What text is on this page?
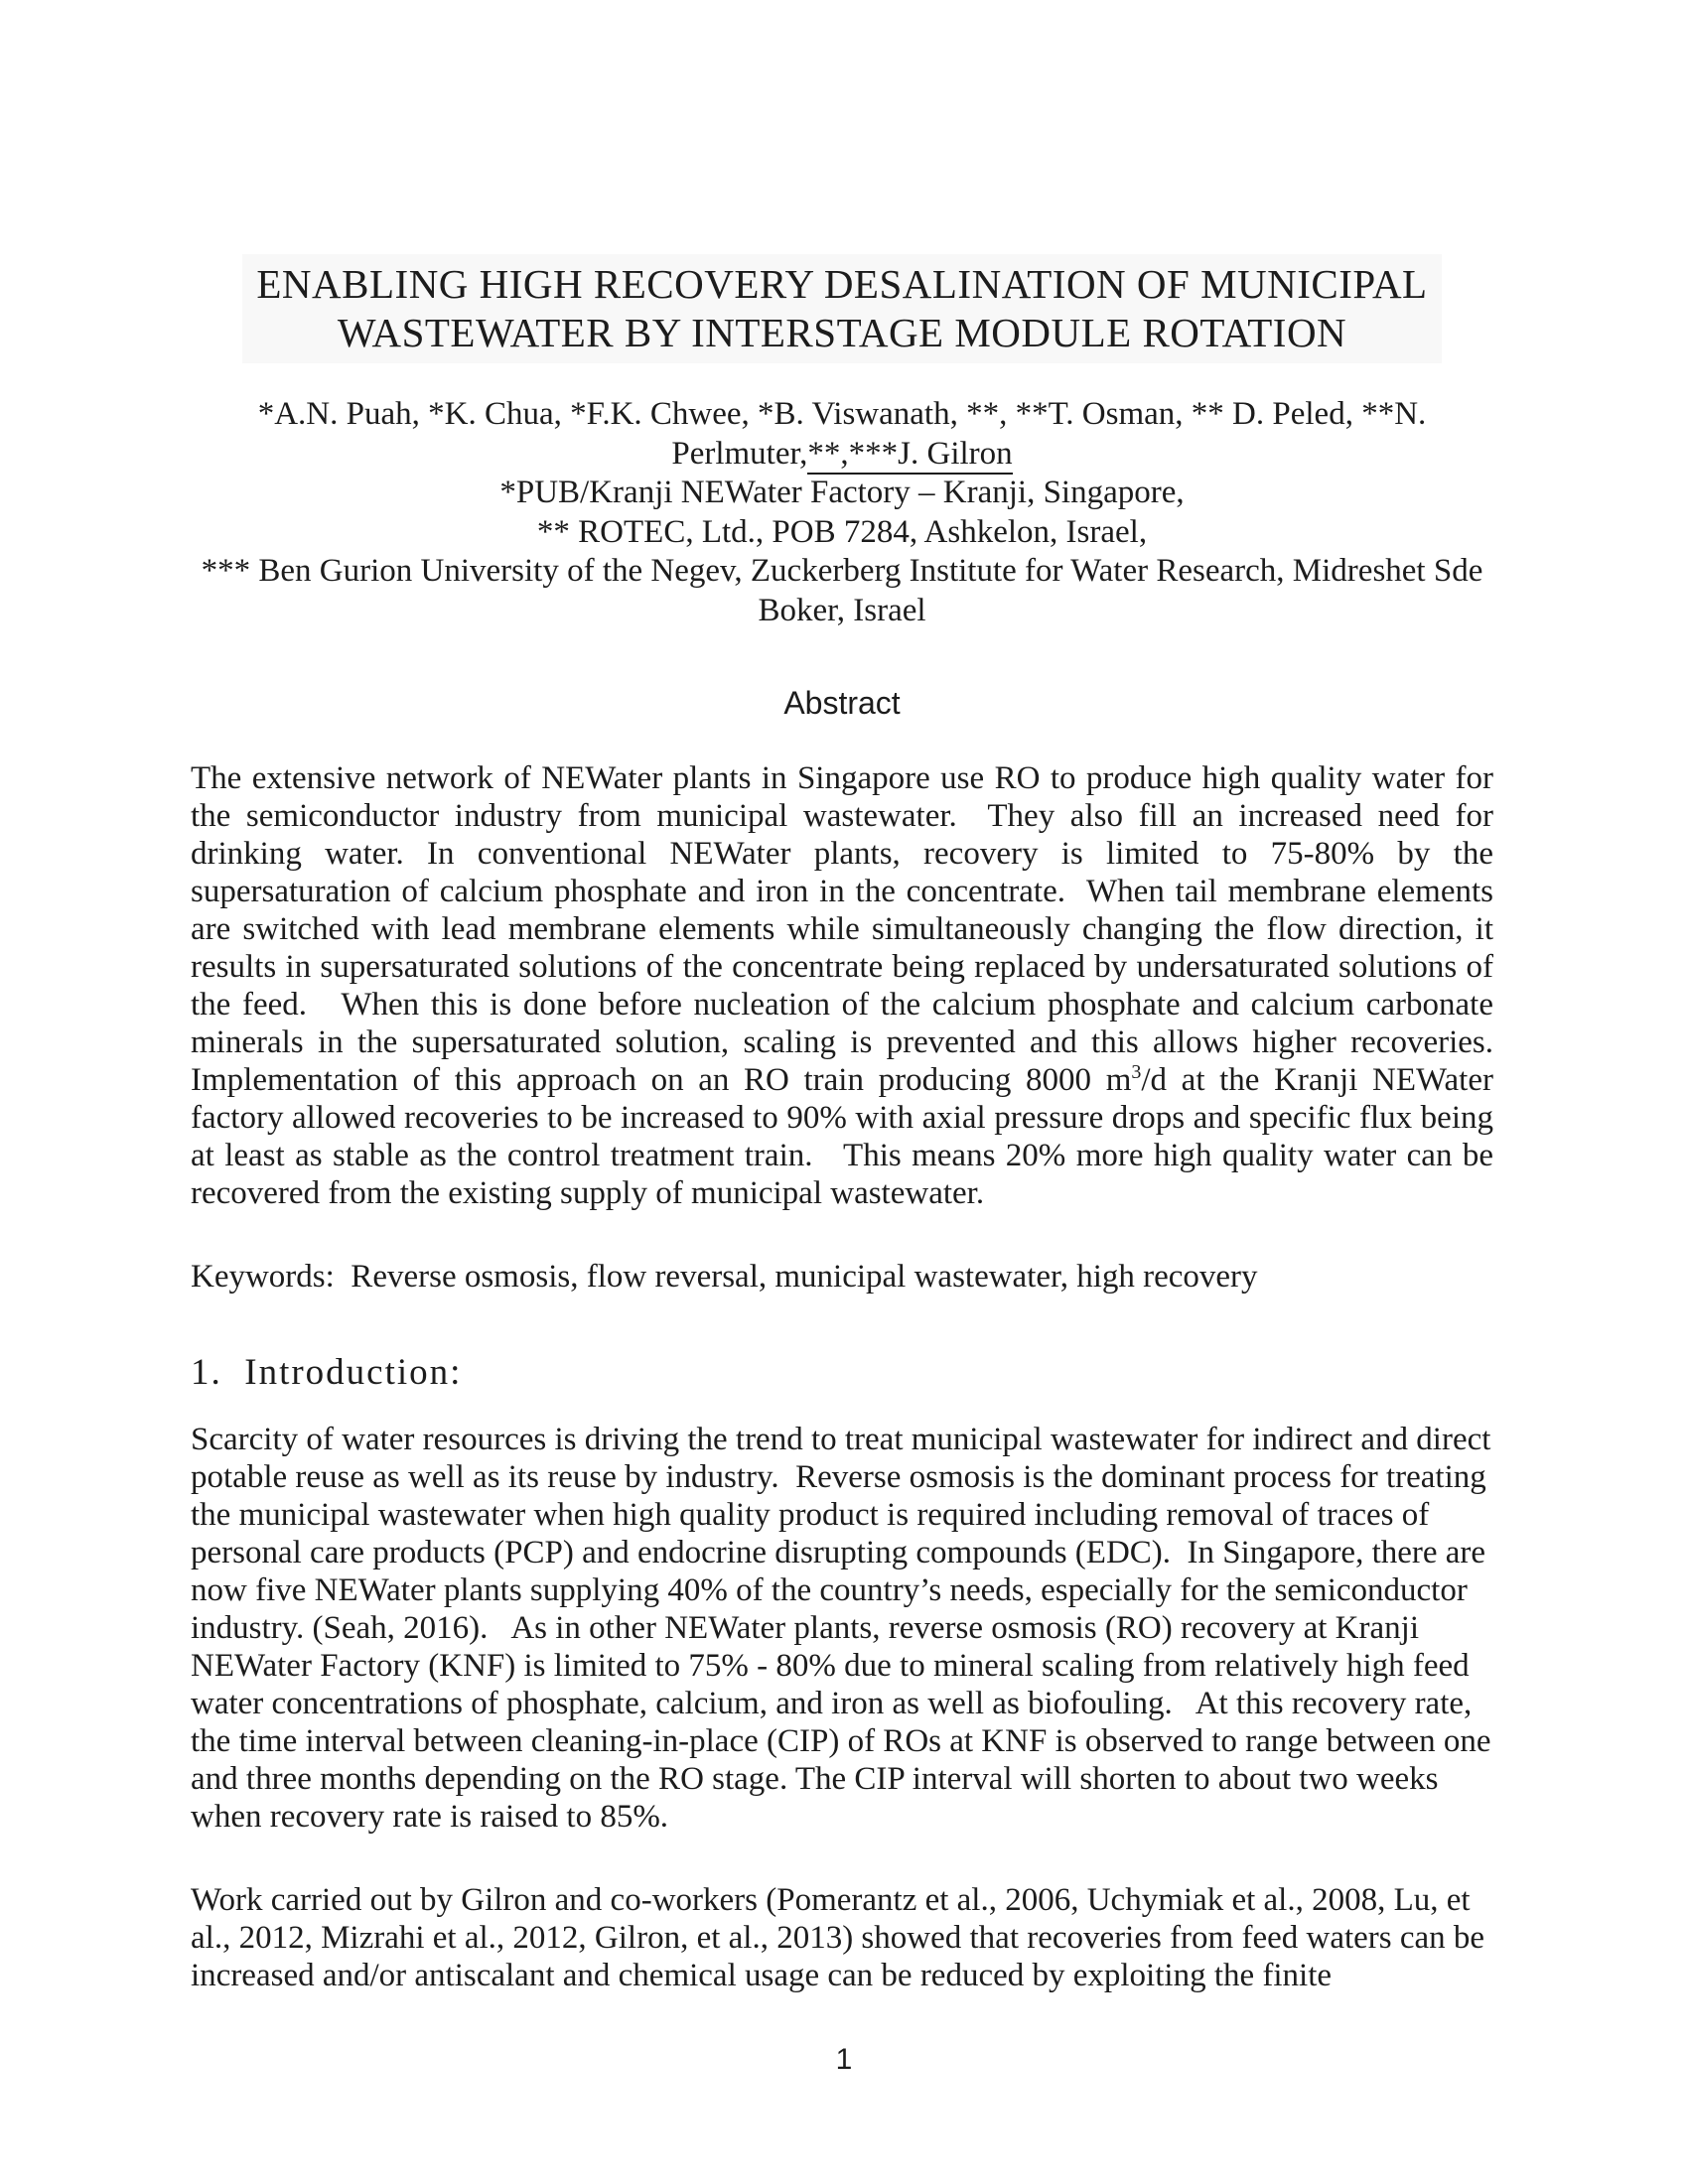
ENABLING HIGH RECOVERY DESALINATION OF MUNICIPAL
WASTEWATER BY INTERSTAGE MODULE ROTATION
*A.N. Puah, *K. Chua, *F.K. Chwee, *B. Viswanath, **, **T. Osman, ** D. Peled, **N.
Perlmuter,**,***J. Gilron
*PUB/Kranji NEWater Factory – Kranji, Singapore,
** ROTEC, Ltd., POB 7284, Ashkelon, Israel,
*** Ben Gurion University of the Negev, Zuckerberg Institute for Water Research, Midreshet Sde Boker, Israel
Abstract

The extensive network of NEWater plants in Singapore use RO to produce high quality water for the semiconductor industry from municipal wastewater.  They also fill an increased need for drinking water. In conventional NEWater plants, recovery is limited to 75-80% by the supersaturation of calcium phosphate and iron in the concentrate.  When tail membrane elements are switched with lead membrane elements while simultaneously changing the flow direction, it results in supersaturated solutions of the concentrate being replaced by undersaturated solutions of the feed.   When this is done before nucleation of the calcium phosphate and calcium carbonate minerals in the supersaturated solution, scaling is prevented and this allows higher recoveries. Implementation of this approach on an RO train producing 8000 $m^3/d$ at the Kranji NEWater factory allowed recoveries to be increased to 90% with axial pressure drops and specific flux being at least as stable as the control treatment train.   This means 20% more high quality water can be recovered from the existing supply of municipal wastewater.

Keywords:  Reverse osmosis, flow reversal, municipal wastewater, high recovery

1.  Introduction:

Scarcity of water resources is driving the trend to treat municipal wastewater for indirect and direct potable reuse as well as its reuse by industry.  Reverse osmosis is the dominant process for treating the municipal wastewater when high quality product is required including removal of traces of personal care products (PCP) and endocrine disrupting compounds (EDC).  In Singapore, there are now five NEWater plants supplying 40% of the country’s needs, especially for the semiconductor industry. (Seah, 2016).   As in other NEWater plants, reverse osmosis (RO) recovery at Kranji NEWater Factory (KNF) is limited to 75% - 80% due to mineral scaling from relatively high feed water concentrations of phosphate, calcium, and iron as well as biofouling.   At this recovery rate, the time interval between cleaning-in-place (CIP) of ROs at KNF is observed to range between one and three months depending on the RO stage. The CIP interval will shorten to about two weeks when recovery rate is raised to 85%.

Work carried out by Gilron and co-workers (Pomerantz et al., 2006, Uchymiak et al., 2008, Lu, et al., 2012, Mizrahi et al., 2012, Gilron, et al., 2013) showed that recoveries from feed waters can be increased and/or antiscalant and chemical usage can be reduced by exploiting the finite

1
